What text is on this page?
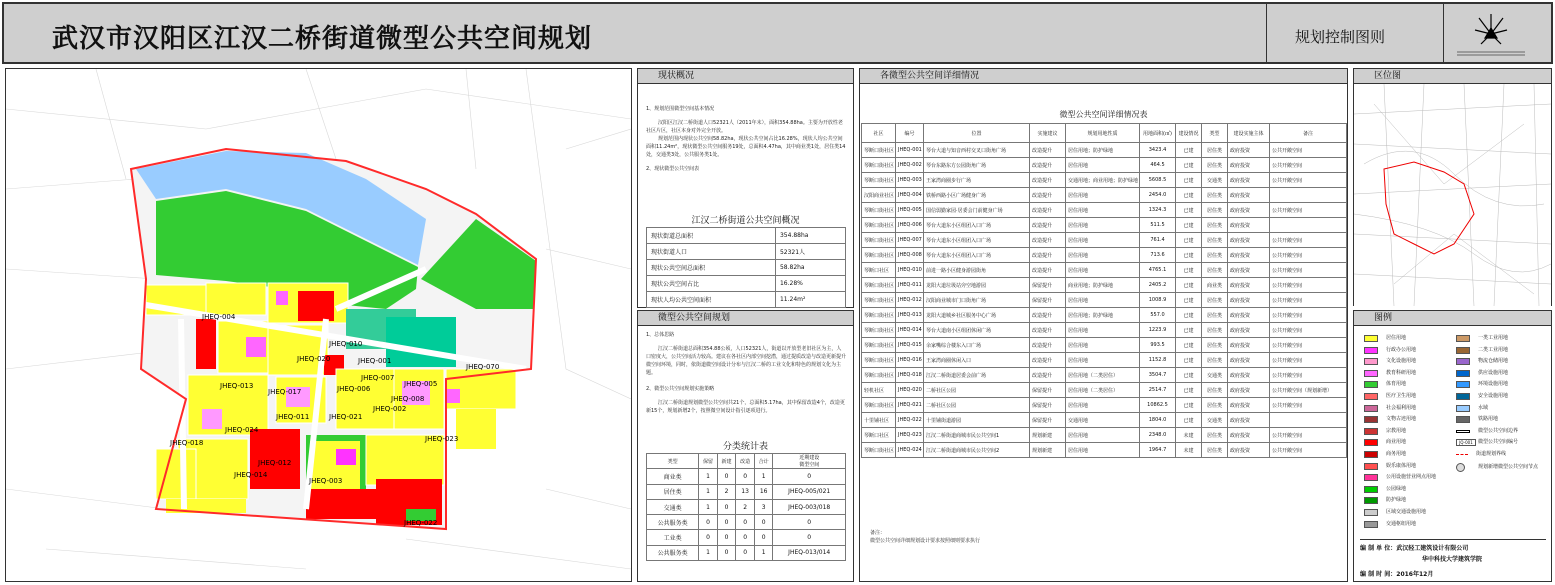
武汉市汉阳区江汉二桥街道微型公共空间规划	规划控制图则
JHEQ-004
JHEQ-010
JHEQ-020	JHEQ-001
JHEQ-070
JHEQ-007
JHEQ-005
JHEQ-006
JHEQ-013
JHEQ-017
JHEQ-008
JHEQ-002
JHEQ-011	JHEQ-021
JHEQ-024
JHEQ-023
JHEQ-018
JHEQ-012
JHEQ-014
JHEQ-003
JHEQ-022
现状概况
1、规划范围微型空间基本情况
汉阳区江汉二桥街道人口52321人（2011年末），面积354.88ha。主要为开放性老社区片区，社区本身对外完全开放。
规划范围内现状公共空间58.82ha，现状公共空间占比16.28%，现状人均公共空间面积11.24m²，现状微型公共空间服务19处，总面积4.47ha，其中商业类1处，居住类14处，交通类3处，公共服务类1处。
2、现状微型公共空间表
江汉二桥街道公共空间概况
现状街道总面积	354.88ha
现状街道人口	52321人
现状公共空间总面积	58.82ha
现状公共空间占比	16.28%
现状人均公共空间面积	11.24m²
微型公共空间规划
1、总体思路
江汉二桥街道总面积354.88公顷，人口52321人，街道以开放型老旧社区为主，人口密度大，公共空间活力较高。建议在各社区内部空间挖潜，通过提质改造与改造更新提升微空间环境，同时，依街道微空间设计分布与江汉二桥的工业文化和特色的规划文化为主题。
2、微型公共空间规划实施策略
江汉二桥街道规划微型公共空间共21个，总面积5.17ha，其中保留改造4个，改造更新15个，规划新增2个，按照微空间设计指引逐项进行。
分类统计表
类型	保留	新建	改造	合计	近期建设
微型空间
商业类	1	0	0	1	0
居住类	1	2	13	16	JHEQ-005/021
交通类	1	0	2	3	JHEQ-003/018
公共服务类	0	0	0	0	0
工业类	0	0	0	0	0
公共服务类	1	0	0	1	JHEQ-013/014
各微型公共空间详细情况
微型公共空间详细情况表
社区	编号	位置	实施建议	规划用地性质	用地面积(㎡)	建设情况	类型	建设实施主体	备注
琴断口街社区	JHEQ-001	琴台大道与知音西村交叉口街角广场	改造提升	居住用地；防护绿地	3423.4	已建	居住类	政府投资	公共开敞空间
琴断口街社区	JHEQ-002	琴台东路东方公园街角广场	改造提升	居住用地	464.5	已建	居住类	政府投资	公共开敞空间
琴断口街社区	JHEQ-003	王家湾商圈步行广场	改造提升	交通用地；商业用地；防护绿地	5608.5	已建	交通类	政府投资	公共开敞空间
汉阳商业社区	JHEQ-004	铁桥西路小区广场健身广场	改造提升	居住用地	2454.0	已建	居住类	政府投资	
琴断口街社区	JHEQ-005	国信弱勤家园·居委会门前健身广场	改造提升	居住用地	1324.3	已建	居住类	政府投资	公共开敞空间
琴断口街社区	JHEQ-006	琴台大道东小区组团入口广场	改造提升	居住用地	511.5	已建	居住类	政府投资	
琴断口街社区	JHEQ-007	琴台大道东小区组团入口广场	改造提升	居住用地	761.4	已建	居住类	政府投资	公共开敞空间
琴断口街社区	JHEQ-008	琴台大道东小区组团入口广场	改造提升	居住用地	713.6	已建	居住类	政府投资	公共开敞空间
琴断口社区	JHEQ-010	前进一路小区健身游园街角	改造提升	居住用地	4765.1	已建	居住类	政府投资	公共开敞空间
琴断口街社区	JHEQ-011	龙阳大道垃圾站旁空地游园	保留提升	商业用地；防护绿地	2405.2	已建	商业类	政府投资	公共开敞空间
琴断口街社区	JHEQ-012	汉阳商业城市门口街角广场	保留提升	居住用地	1008.9	已建	居住类	政府投资	公共开敞空间
琴断口街社区	JHEQ-013	龙阳大道城乡社区服务中心广场	改造提升	居住用地；防护绿地	557.0	已建	居住类	政府投资	公共开敞空间
琴断口街社区	JHEQ-014	琴台大道南小区组团休闲广场	改造提升	居住用地	1223.9	已建	居住类	政府投资	公共开敞空间
琴断口街社区	JHEQ-015	余家嘴综合楼东入口广场	改造提升	居住用地	993.5	已建	居住类	政府投资	公共开敞空间
琴断口街社区	JHEQ-016	王家湾商圈休闲入口	改造提升	居住用地	1152.8	已建	居住类	政府投资	公共开敞空间
琴断口街社区	JHEQ-018	江汉二桥街道居委会前广场	改造提升	居住用地（二类居住）	3504.7	已建	交通类	政府投资	公共开敞空间
轻机社区	JHEQ-020	二桥社区公园	保留提升	居住用地（二类居住）	2514.7	已建	居住类	政府投资	公共开敞空间（规划新增）
琴断口街社区	JHEQ-021	二桥社区公园	保留提升	居住用地	10862.5	已建	居住类	政府投资	公共开敞空间
十里铺社区	JHEQ-022	十里铺街道游园	保留提升	交通用地	1804.0	已建	交通类	政府投资	
琴断口社区	JHEQ-023	江汉二桥街道商城市民公共空间1	规划新建	居住用地	2348.0	未建	居住类	政府投资	公共开敞空间
琴断口街社区	JHEQ-024	江汉二桥街道商城市民公共空间2	规划新建	居住用地	1964.7	未建	居住类	政府投资	公共开敞空间
备注：
微型公共空间详细规划设计要求按照细则要求执行
区位图
图例
居住用地
行政办公用地
文化设施用地
教育科研用地
体育用地
医疗卫生用地
社会福利用地
文物古迹用地
宗教用地
商业用地
商务用地
娱乐康体用地
公用设施营业网点用地
公园绿地
防护绿地
区域交通设施用地
交通枢纽用地
一类工业用地
二类工业用地
物流仓储用地
供应设施用地
环境设施用地
安全设施用地
水域
铁路用地
微型公共空间边界
JQ-001	微型公共空间编号
街道规划界线
规划新增微型公共空间节点
编 制 单 位：武汉轻工建筑设计有限公司
华中科技大学建筑学院
编 制 时 间：2016年12月
